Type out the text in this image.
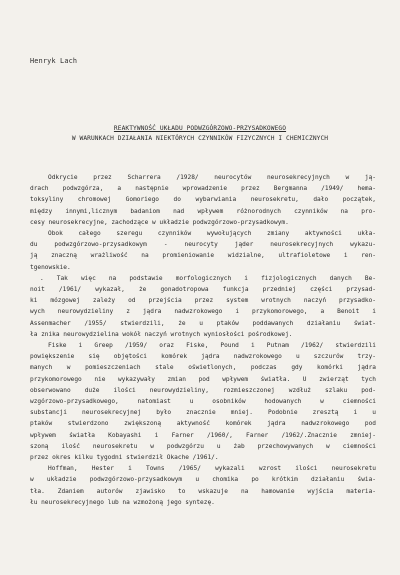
Henryk Lach
REAKTYWNOŚĆ UKŁADU PODWZGÓRZOWO-PRZYSADKOWEGO
W WARUNKACH DZIAŁANIA NIEKTÓRYCH CZYNNIKÓW FIZYCZNYCH I CHEMICZNYCH
Odkrycie przez Scharrera /1928/ neurocytów neurosekrecyjnych w ją-
drach podwzgórza, a następnie wprowadzenie przez Bergmanna /1949/ hema-
toksyliny chromowej Gomoriego do wybarwiania neurosekretu, dało początek,
między innymi,licznym badaniom nad wpływem różnorodnych czynników na pro-
cesy neurosekrecyjne, zachodzące w układzie podwzgórzowo-przysadkowym.
Obok całego szeregu czynników wywołujących zmiany aktywności ukła-
du podwzgórzowo-przysadkowym - neurocyty jąder neurosekrecyjnych wykazu-
ją znaczną wrażliwość na promieniowanie widzialne, ultrafioletowe i ren-
tgenowskie.
. Tak więc na podstawie morfologicznych i fizjologicznych danych Be-
noit /1961/ wykazał, że gonadotropowa funkcja przedniej części przysad-
ki mózgowej zależy od przejścia przez system wrotnych naczyń przysadko-
wych neurowydzieliny z jądra nadwzrokowego i przykomorowego, a Benoit i
Assenmacher /1955/ stwierdzili, że u ptaków poddawanych działaniu świat-
ła znika neurowydzielina wokół naczyń wrotnych wyniosłości pośrodkowej.
Fiske i Greep /1959/ oraz Fiske, Pound i Putnam /1962/ stwierdzili
powiększenie się objętości komórek jądra nadwzrokowego u szczurów trzy-
manych w pomieszczeniach stale oświetlonych, podczas gdy komórki jądra
przykomorowego nie wykazywały zmian pod wpływem światła. U zwierząt tych
obserwowano duże ilości neurowydzieliny, rozmieszczonej wzdłuż szlaku pod-
wzgórzowo-przysadkowego, natomiast u osobników hodowanych w ciemności
substancji neurosekrecyjnej było znacznie mniej. Podobnie zresztą i u
ptaków stwierdzono zwiększoną aktywność komórek jądra nadwzrokowego pod
wpływem światła Kobayashi i Farner /1960/, Farner /1962/.Znacznie zmniej-
szoną ilość neurosekretu w podwzgórzu u żab przechowywanych w ciemności
przez okres kilku tygodni stwierdził Okache /1961/.
Hoffman, Hester i Towns /1965/ wykazali wzrost ilości neurosekretu
w układzie podwzgórzowo-przysadkowym u chomika po krótkim działaniu świa-
tła. Zdaniem autorów zjawisko to wskazuje na hamowanie wyjścia materia-
łu neurosekrecyjnego lub na wzmożoną jego syntezę.
